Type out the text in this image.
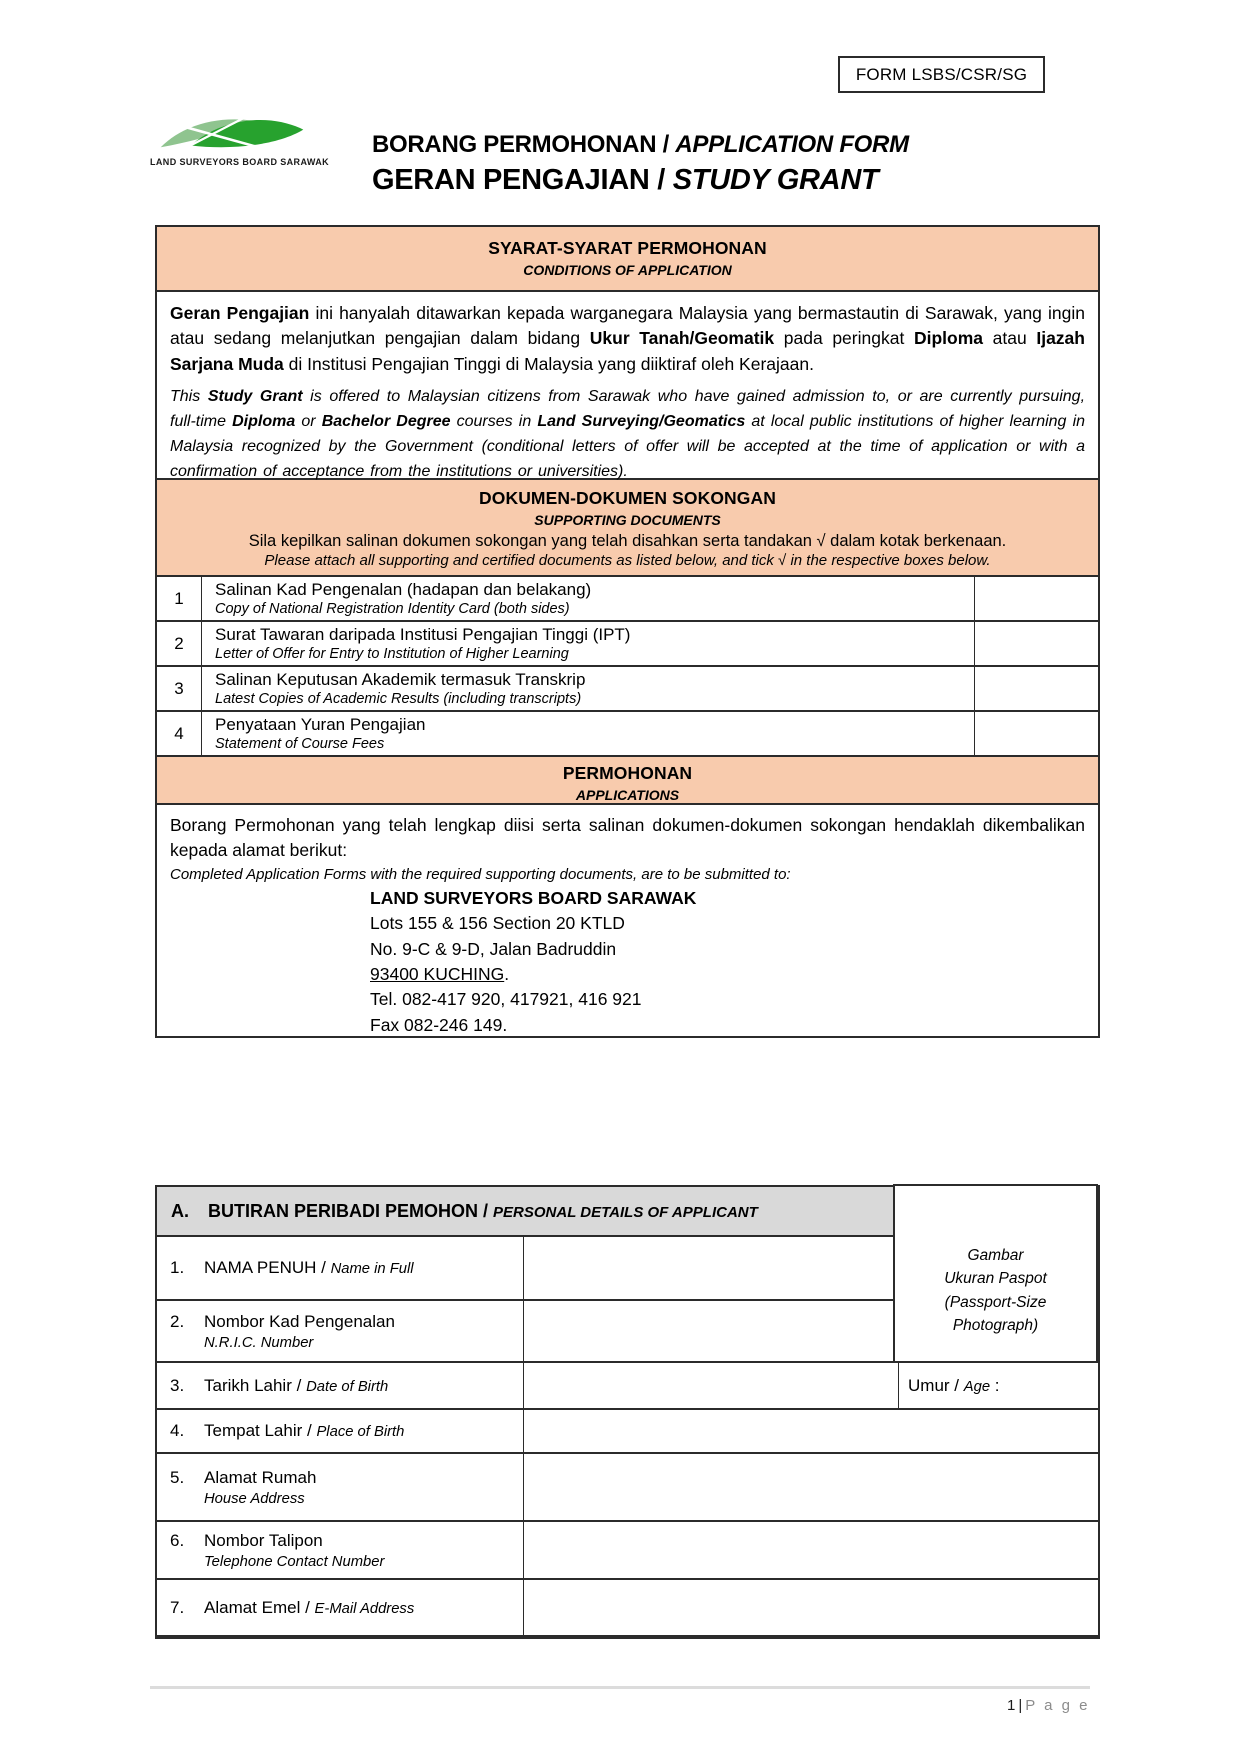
FORM LSBS/CSR/SG
LAND SURVEYORS BOARD SARAWAK
BORANG PERMOHONAN / APPLICATION FORM
GERAN PENGAJIAN / STUDY GRANT
SYARAT-SYARAT PERMOHONAN
CONDITIONS OF APPLICATION

Geran Pengajian ini hanyalah ditawarkan kepada warganegara Malaysia yang bermastautin di Sarawak, yang ingin atau sedang melanjutkan pengajian dalam bidang Ukur Tanah/Geomatik pada peringkat Diploma atau Ijazah Sarjana Muda di Institusi Pengajian Tinggi di Malaysia yang diiktiraf oleh Kerajaan.

This Study Grant is offered to Malaysian citizens from Sarawak who have gained admission to, or are currently pursuing, full-time Diploma or Bachelor Degree courses in Land Surveying/Geomatics at local public institutions of higher learning in Malaysia recognized by the Government (conditional letters of offer will be accepted at the time of application or with a confirmation of acceptance from the institutions or universities).

DOKUMEN-DOKUMEN SOKONGAN
SUPPORTING DOCUMENTS
Sila kepilkan salinan dokumen sokongan yang telah disahkan serta tandakan √ dalam kotak berkenaan.
Please attach all supporting and certified documents as listed below, and tick √ in the respective boxes below.
1	Salinan Kad Pengenalan (hadapan dan belakang)
Copy of National Registration Identity Card (both sides)
2	Surat Tawaran daripada Institusi Pengajian Tinggi (IPT)
Letter of Offer for Entry to Institution of Higher Learning
3	Salinan Keputusan Akademik termasuk Transkrip
Latest Copies of Academic Results (including transcripts)
4	Penyataan Yuran Pengajian
Statement of Course Fees
PERMOHONAN
APPLICATIONS

Borang Permohonan yang telah lengkap diisi serta salinan dokumen-dokumen sokongan hendaklah dikembalikan kepada alamat berikut:

Completed Application Forms with the required supporting documents, are to be submitted to:

LAND SURVEYORS BOARD SARAWAK
Lots 155 & 156 Section 20 KTLD
No. 9-C & 9-D, Jalan Badruddin
93400 KUCHING.
Tel. 082-417 920, 417921, 416 921
Fax 082-246 149.
A.	BUTIRAN PERIBADI PEMOHON / PERSONAL DETAILS OF APPLICANT
1.	NAMA PENUH / Name in Full
2.	Nombor Kad Pengenalan
N.R.I.C. Number
3.	Tarikh Lahir / Date of Birth	Umur / Age :
4.	Tempat Lahir / Place of Birth
5.	Alamat Rumah
House Address
6.	Nombor Talipon
Telephone Contact Number
7.	Alamat Emel / E-Mail Address
Gambar
Ukuran Paspot
(Passport-Size
Photograph)
1 | P a g e
